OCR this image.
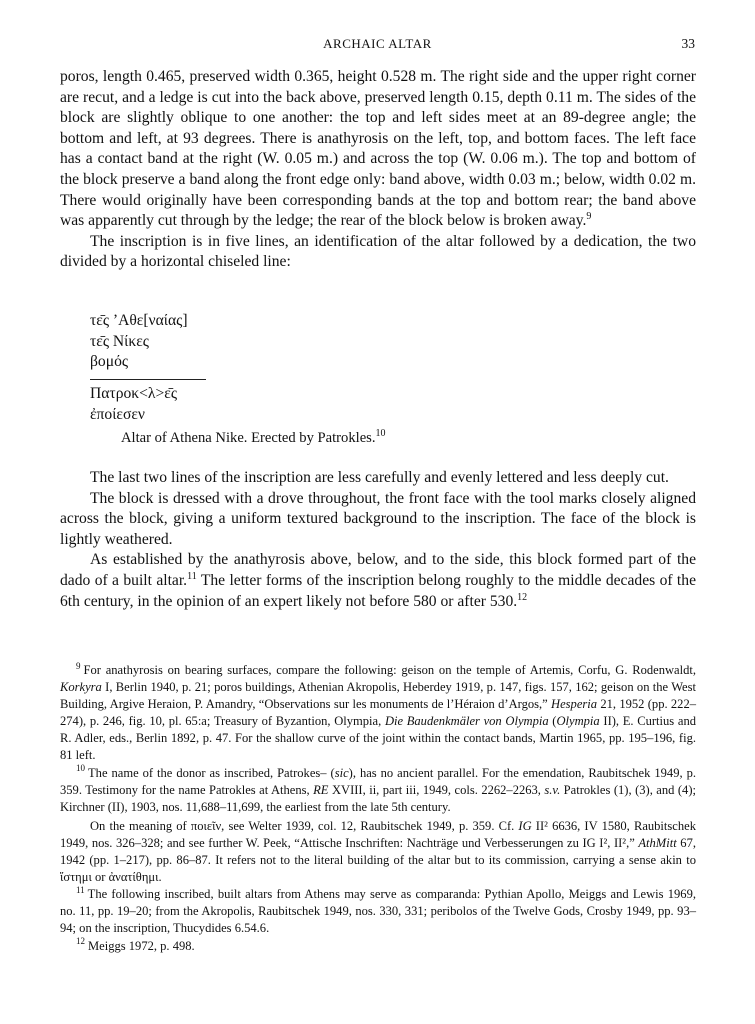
ARCHAIC ALTAR	33

poros, length 0.465, preserved width 0.365, height 0.528 m. The right side and the upper right corner are recut, and a ledge is cut into the back above, preserved length 0.15, depth 0.11 m. The sides of the block are slightly oblique to one another: the top and left sides meet at an 89-degree angle; the bottom and left, at 93 degrees. There is anathyrosis on the left, top, and bottom faces. The left face has a contact band at the right (W. 0.05 m.) and across the top (W. 0.06 m.). The top and bottom of the block preserve a band along the front edge only: band above, width 0.03 m.; below, width 0.02 m. There would originally have been corresponding bands at the top and bottom rear; the band above was apparently cut through by the ledge; the rear of the block below is broken away.$^9$

The inscription is in five lines, an identification of the altar followed by a dedication, the two divided by a horizontal chiseled line:

τε̄ς ’Αθε[ναίας]
τε̄ς Νίκες
βομός
Πατροκ<λ>ε̄ς
ἐποίεσεν
Altar of Athena Nike. Erected by Patrokles.$^{10}$

The last two lines of the inscription are less carefully and evenly lettered and less deeply cut.

The block is dressed with a drove throughout, the front face with the tool marks closely aligned across the block, giving a uniform textured background to the inscription. The face of the block is lightly weathered.

As established by the anathyrosis above, below, and to the side, this block formed part of the dado of a built altar.$^{11}$ The letter forms of the inscription belong roughly to the middle decades of the 6th century, in the opinion of an expert likely not before 580 or after 530.12

$^9$ For anathyrosis on bearing surfaces, compare the following: geison on the temple of Artemis, Corfu, G. Rodenwaldt, Korkyra I, Berlin 1940, p. 21; poros buildings, Athenian Akropolis, Heberdey 1919, p. 147, figs. 157, 162; geison on the West Building, Argive Heraion, P. Amandry, “Observations sur les monuments de l’Héraion d’Argos,” Hesperia 21, 1952 (pp. 222–274), p. 246, fig. 10, pl. 65:a; Treasury of Byzantion, Olympia, Die Baudenkmäler von Olympia (Olympia II), E. Curtius and R. Adler, eds., Berlin 1892, p. 47. For the shallow curve of the joint within the contact bands, Martin 1965, pp. 195–196, fig. 81 left.

$^{10}$ The name of the donor as inscribed, Patrokes– (sic), has no ancient parallel. For the emendation, Raubitschek 1949, p. 359. Testimony for the name Patrokles at Athens, RE XVIII, ii, part iii, 1949, cols. 2262–2263, s.v. Patrokles (1), (3), and (4); Kirchner (II), 1903, nos. 11,688–11,699, the earliest from the late 5th century.

On the meaning of ποιεῖν, see Welter 1939, col. 12, Raubitschek 1949, p. 359. Cf. IG II² 6636, IV 1580, Raubitschek 1949, nos. 326–328; and see further W. Peek, “Attische Inschriften: Nachträge und Verbesserungen zu IG I², II²,” AthMitt 67, 1942 (pp. 1–217), pp. 86–87. It refers not to the literal building of the altar but to its commission, carrying a sense akin to ἵστημι or ἀνατίθημι.

$^{11}$ The following inscribed, built altars from Athens may serve as comparanda: Pythian Apollo, Meiggs and Lewis 1969, no. 11, pp. 19–20; from the Akropolis, Raubitschek 1949, nos. 330, 331; peribolos of the Twelve Gods, Crosby 1949, pp. 93–94; on the inscription, Thucydides 6.54.6.

$^{12}$ Meiggs 1972, p. 498.
